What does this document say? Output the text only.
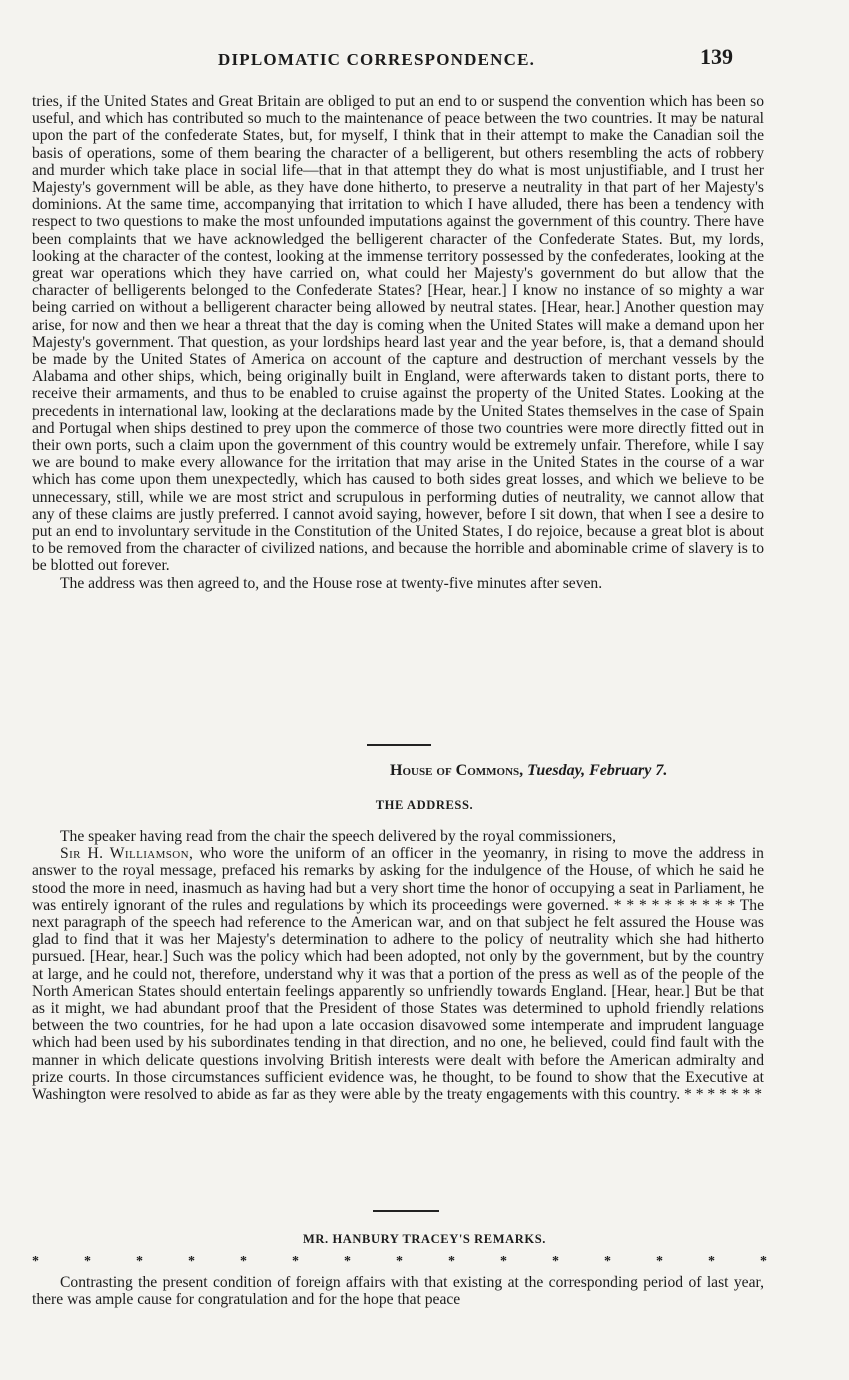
DIPLOMATIC CORRESPONDENCE.	139

tries, if the United States and Great Britain are obliged to put an end to or suspend the convention which has been so useful, and which has contributed so much to the maintenance of peace between the two countries. It may be natural upon the part of the confederate States, but, for myself, I think that in their attempt to make the Canadian soil the basis of operations, some of them bearing the character of a belligerent, but others resembling the acts of robbery and murder which take place in social life—that in that attempt they do what is most unjustifiable, and I trust her Majesty's government will be able, as they have done hitherto, to preserve a neutrality in that part of her Majesty's dominions. At the same time, accompanying that irritation to which I have alluded, there has been a tendency with respect to two questions to make the most unfounded imputations against the government of this country. There have been complaints that we have acknowledged the belligerent character of the Confederate States. But, my lords, looking at the character of the contest, looking at the immense territory possessed by the confederates, looking at the great war operations which they have carried on, what could her Majesty's government do but allow that the character of belligerents belonged to the Confederate States? [Hear, hear.] I know no instance of so mighty a war being carried on without a belligerent character being allowed by neutral states. [Hear, hear.] Another question may arise, for now and then we hear a threat that the day is coming when the United States will make a demand upon her Majesty's government. That question, as your lordships heard last year and the year before, is, that a demand should be made by the United States of America on account of the capture and destruction of merchant vessels by the Alabama and other ships, which, being originally built in England, were afterwards taken to distant ports, there to receive their armaments, and thus to be enabled to cruise against the property of the United States. Looking at the precedents in international law, looking at the declarations made by the United States themselves in the case of Spain and Portugal when ships destined to prey upon the commerce of those two countries were more directly fitted out in their own ports, such a claim upon the government of this country would be extremely unfair. Therefore, while I say we are bound to make every allowance for the irritation that may arise in the United States in the course of a war which has come upon them unexpectedly, which has caused to both sides great losses, and which we believe to be unnecessary, still, while we are most strict and scrupulous in performing duties of neutrality, we cannot allow that any of these claims are justly preferred. I cannot avoid saying, however, before I sit down, that when I see a desire to put an end to involuntary servitude in the Constitution of the United States, I do rejoice, because a great blot is about to be removed from the character of civilized nations, and because the horrible and abominable crime of slavery is to be blotted out forever.

The address was then agreed to, and the House rose at twenty-five minutes after seven.

House of Commons, Tuesday, February 7.
THE ADDRESS.

The speaker having read from the chair the speech delivered by the royal commissioners,

Sir H. Williamson, who wore the uniform of an officer in the yeomanry, in rising to move the address in answer to the royal message, prefaced his remarks by asking for the indulgence of the House, of which he said he stood the more in need, inasmuch as having had but a very short time the honor of occupying a seat in Parliament, he was entirely ignorant of the rules and regulations by which its proceedings were governed. * * * * * * * * * * The next paragraph of the speech had reference to the American war, and on that subject he felt assured the House was glad to find that it was her Majesty's determination to adhere to the policy of neutrality which she had hitherto pursued. [Hear, hear.] Such was the policy which had been adopted, not only by the government, but by the country at large, and he could not, therefore, understand why it was that a portion of the press as well as of the people of the North American States should entertain feelings apparently so unfriendly towards England. [Hear, hear.] But be that as it might, we had abundant proof that the President of those States was determined to uphold friendly relations between the two countries, for he had upon a late occasion disavowed some intemperate and imprudent language which had been used by his subordinates tending in that direction, and no one, he believed, could find fault with the manner in which delicate questions involving British interests were dealt with before the American admiralty and prize courts. In those circumstances sufficient evidence was, he thought, to be found to show that the Executive at Washington were resolved to abide as far as they were able by the treaty engagements with this country. * * * * * * *

MR. HANBURY TRACEY'S REMARKS.
*	*	*	*	*	*	*	*	*	*	*	*	*	*	*

Contrasting the present condition of foreign affairs with that existing at the corresponding period of last year, there was ample cause for congratulation and for the hope that peace
